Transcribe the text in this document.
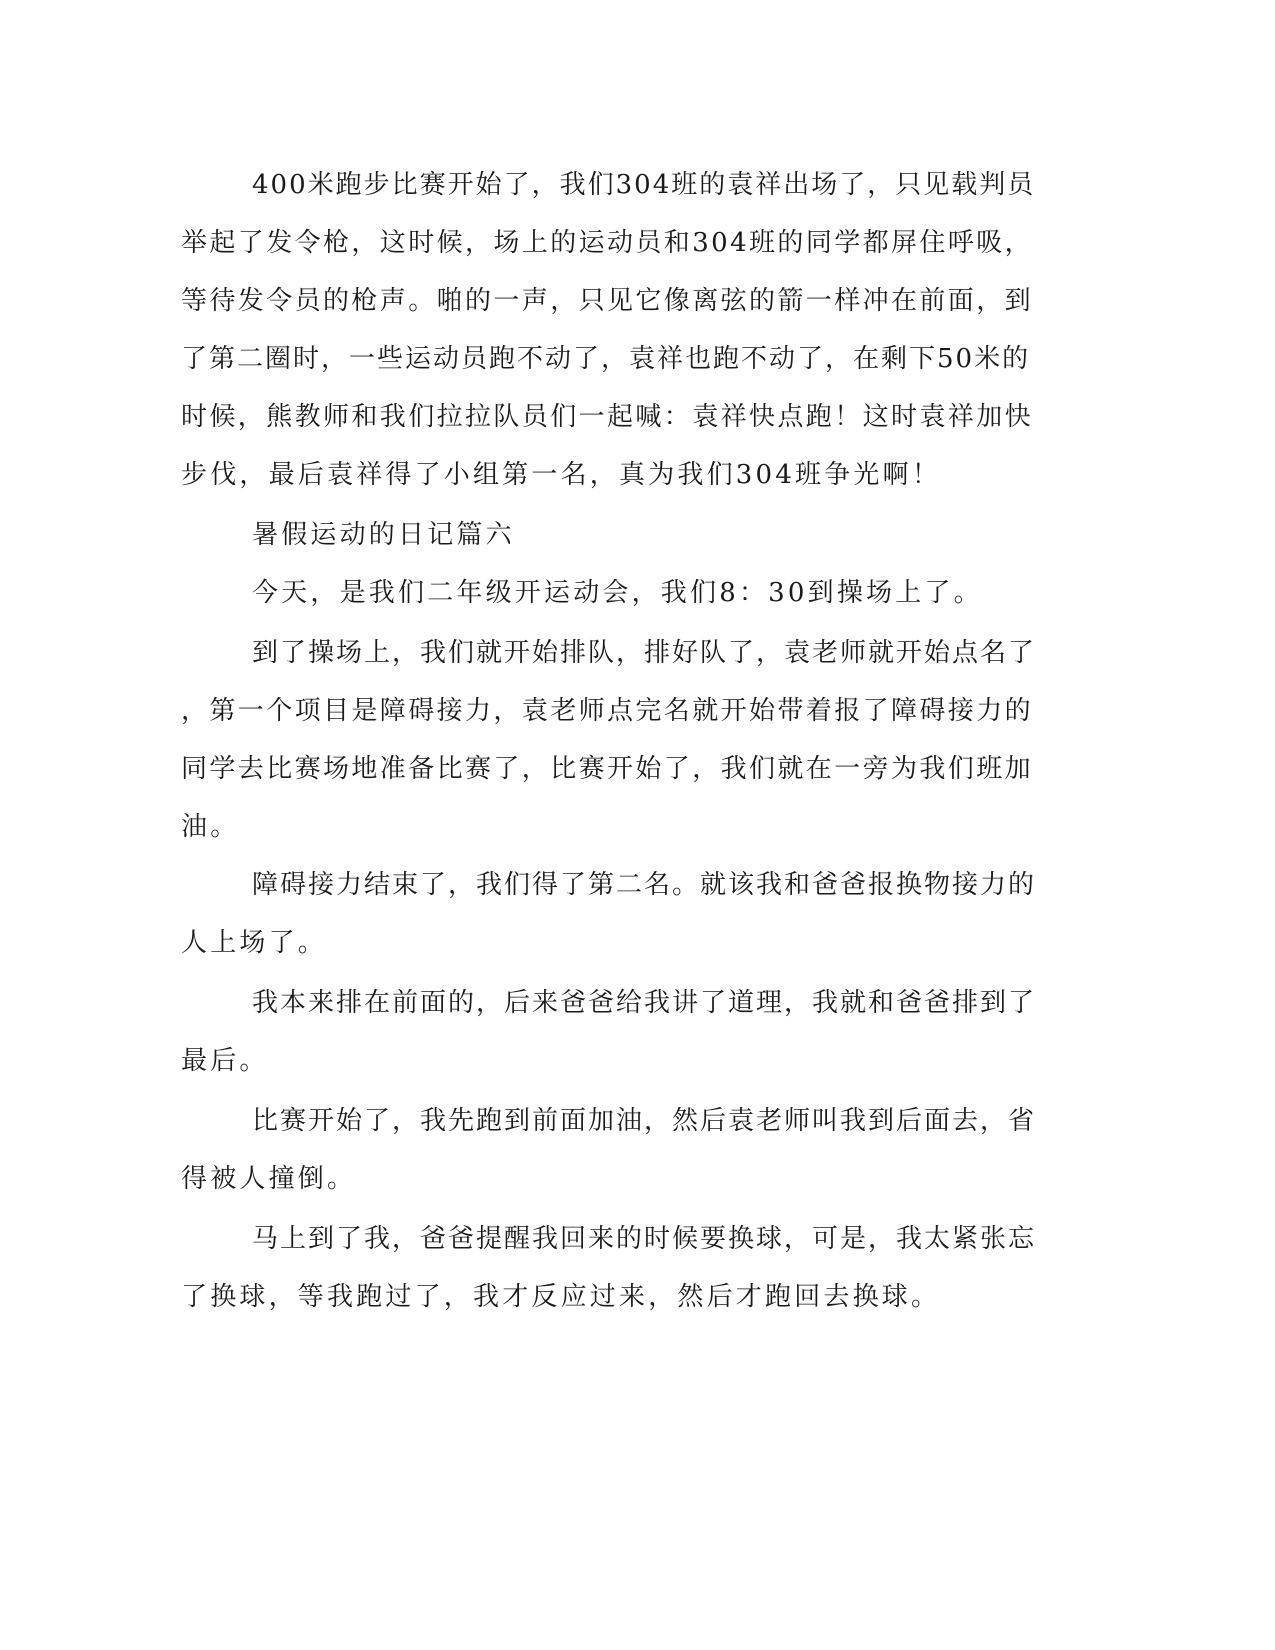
400米跑步比赛开始了，我们304班的袁祥出场了，只见载判员
举起了发令枪，这时候，场上的运动员和304班的同学都屏住呼吸，
等待发令员的枪声。啪的一声，只见它像离弦的箭一样冲在前面，到
了第二圈时，一些运动员跑不动了，袁祥也跑不动了，在剩下50米的
时候，熊教师和我们拉拉队员们一起喊：袁祥快点跑！这时袁祥加快
步伐，最后袁祥得了小组第一名，真为我们304班争光啊！
暑假运动的日记篇六
今天，是我们二年级开运动会，我们8：30到操场上了。
到了操场上，我们就开始排队，排好队了，袁老师就开始点名了
，第一个项目是障碍接力，袁老师点完名就开始带着报了障碍接力的
同学去比赛场地准备比赛了，比赛开始了，我们就在一旁为我们班加
油。
障碍接力结束了，我们得了第二名。就该我和爸爸报换物接力的
人上场了。
我本来排在前面的，后来爸爸给我讲了道理，我就和爸爸排到了
最后。
比赛开始了，我先跑到前面加油，然后袁老师叫我到后面去，省
得被人撞倒。
马上到了我，爸爸提醒我回来的时候要换球，可是，我太紧张忘
了换球，等我跑过了，我才反应过来，然后才跑回去换球。
